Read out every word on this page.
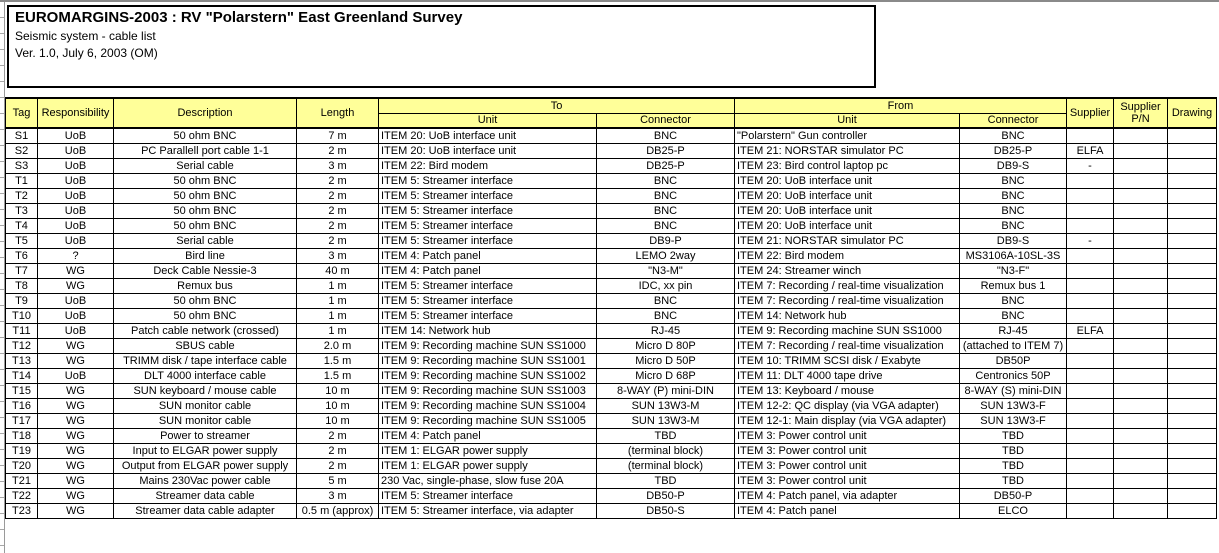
EUROMARGINS-2003 : RV "Polarstern" East Greenland Survey
Seismic system - cable list
Ver. 1.0, July 6, 2003 (OM)
Tag	Responsibility	Description	Length	To		From		Supplier	Supplier P/N	Drawing
				Unit	Connector	Unit	Connector			
S1	UoB	50 ohm BNC	7 m	ITEM 20: UoB interface unit	BNC	"Polarstern" Gun controller	BNC			
S2	UoB	PC Parallell port cable 1-1	2 m	ITEM 20: UoB interface unit	DB25-P	ITEM 21: NORSTAR simulator PC	DB25-P	ELFA		
S3	UoB	Serial cable	3 m	ITEM 22: Bird modem	DB25-P	ITEM 23: Bird control laptop pc	DB9-S	-		
T1	UoB	50 ohm BNC	2 m	ITEM 5: Streamer interface	BNC	ITEM 20: UoB interface unit	BNC			
T2	UoB	50 ohm BNC	2 m	ITEM 5: Streamer interface	BNC	ITEM 20: UoB interface unit	BNC			
T3	UoB	50 ohm BNC	2 m	ITEM 5: Streamer interface	BNC	ITEM 20: UoB interface unit	BNC			
T4	UoB	50 ohm BNC	2 m	ITEM 5: Streamer interface	BNC	ITEM 20: UoB interface unit	BNC			
T5	UoB	Serial cable	2 m	ITEM 5: Streamer interface	DB9-P	ITEM 21: NORSTAR simulator PC	DB9-S	-		
T6	?	Bird line	3 m	ITEM 4: Patch panel	LEMO 2way	ITEM 22: Bird modem	MS3106A-10SL-3S			
T7	WG	Deck Cable Nessie-3	40 m	ITEM 4: Patch panel	"N3-M"	ITEM 24: Streamer winch	"N3-F"			
T8	WG	Remux bus	1 m	ITEM 5: Streamer interface	IDC, xx pin	ITEM 7: Recording / real-time visualization	Remux bus 1			
T9	UoB	50 ohm BNC	1 m	ITEM 5: Streamer interface	BNC	ITEM 7: Recording / real-time visualization	BNC			
T10	UoB	50 ohm BNC	1 m	ITEM 5: Streamer interface	BNC	ITEM 14: Network hub	BNC			
T11	UoB	Patch cable network (crossed)	1 m	ITEM 14: Network hub	RJ-45	ITEM 9: Recording machine SUN SS1000	RJ-45	ELFA		
T12	WG	SBUS cable	2.0 m	ITEM 9: Recording machine SUN SS1000	Micro D 80P	ITEM 7: Recording / real-time visualization	(attached to ITEM 7)			
T13	WG	TRIMM disk / tape interface cable	1.5 m	ITEM 9: Recording machine SUN SS1001	Micro D 50P	ITEM 10: TRIMM SCSI disk / Exabyte	DB50P			
T14	UoB	DLT 4000 interface cable	1.5 m	ITEM 9: Recording machine SUN SS1002	Micro D 68P	ITEM 11: DLT 4000 tape drive	Centronics 50P			
T15	WG	SUN keyboard / mouse cable	10 m	ITEM 9: Recording machine SUN SS1003	8-WAY (P) mini-DIN	ITEM 13: Keyboard / mouse	8-WAY (S) mini-DIN			
T16	WG	SUN monitor cable	10 m	ITEM 9: Recording machine SUN SS1004	SUN 13W3-M	ITEM 12-2: QC display (via VGA adapter)	SUN 13W3-F			
T17	WG	SUN monitor cable	10 m	ITEM 9: Recording machine SUN SS1005	SUN 13W3-M	ITEM 12-1: Main display (via VGA adapter)	SUN 13W3-F			
T18	WG	Power to streamer	2 m	ITEM 4: Patch panel	TBD	ITEM 3: Power control unit	TBD			
T19	WG	Input to ELGAR power supply	2 m	ITEM 1: ELGAR power supply	(terminal block)	ITEM 3: Power control unit	TBD			
T20	WG	Output from ELGAR power supply	2 m	ITEM 1: ELGAR power supply	(terminal block)	ITEM 3: Power control unit	TBD			
T21	WG	Mains 230Vac power cable	5 m	230 Vac, single-phase, slow fuse 20A	TBD	ITEM 3: Power control unit	TBD			
T22	WG	Streamer data cable	3 m	ITEM 5: Streamer interface	DB50-P	ITEM 4: Patch panel, via adapter	DB50-P			
T23	WG	Streamer data cable adapter	0.5 m (approx)	ITEM 5: Streamer interface, via adapter	DB50-S	ITEM 4: Patch panel	ELCO			
